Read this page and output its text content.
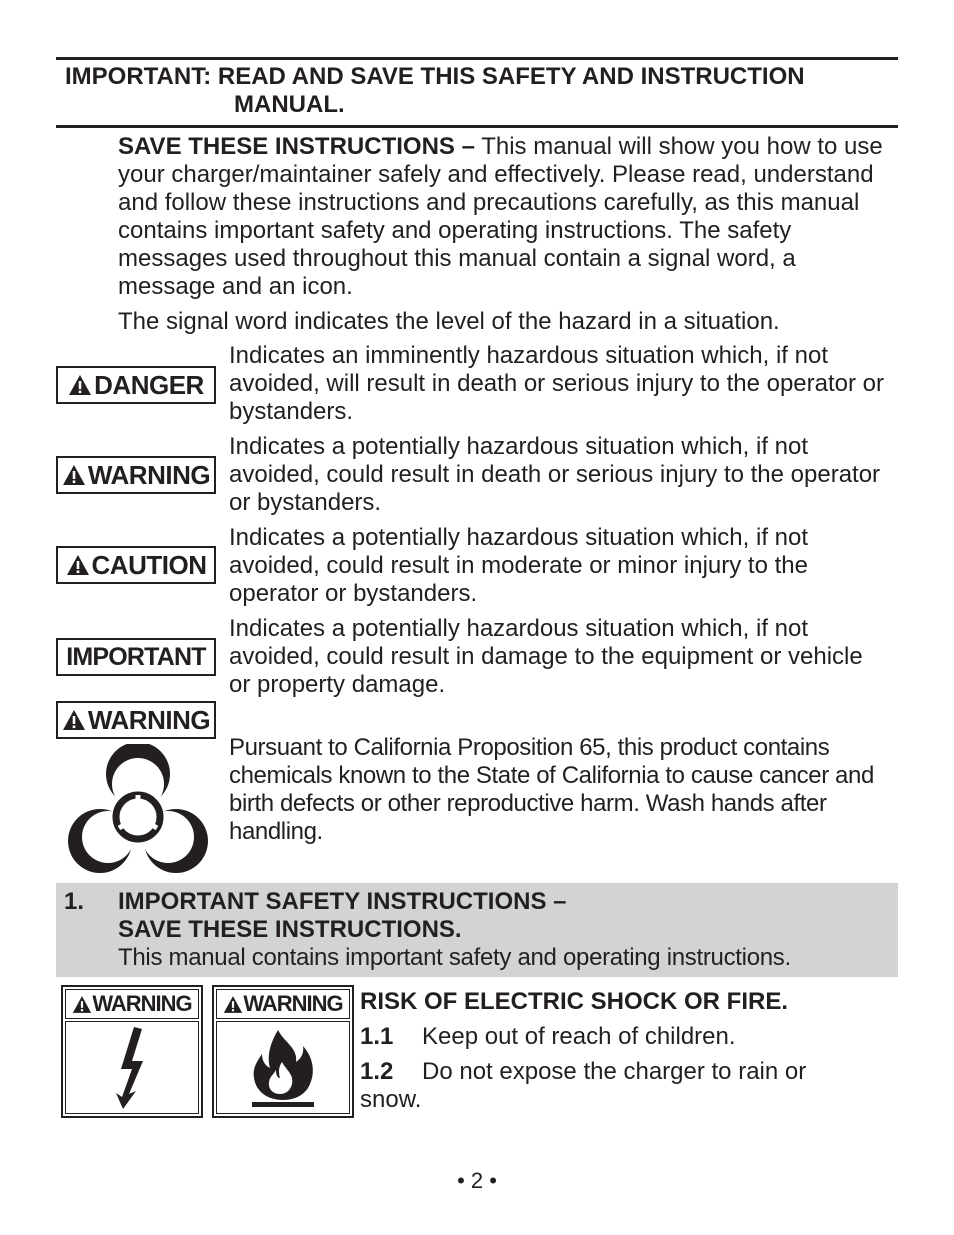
IMPORTANT: READ AND SAVE THIS SAFETY AND INSTRUCTION
MANUAL.
SAVE THESE INSTRUCTIONS – This manual will show you how to use your charger/maintainer safely and effectively. Please read, understand and follow these instructions and precautions carefully, as this manual contains important safety and operating instructions. The safety messages used throughout this manual contain a signal word, a message and an icon.
The signal word indicates the level of the hazard in a situation.
DANGER
Indicates an imminently hazardous situation which, if not avoided, will result in death or serious injury to the operator or bystanders.
WARNING
Indicates a potentially hazardous situation which, if not avoided, could result in death or serious injury to the operator or bystanders.
CAUTION
Indicates a potentially hazardous situation which, if not avoided, could result in moderate or minor injury to the operator or bystanders.
IMPORTANT
Indicates a potentially hazardous situation which, if not avoided, could result in damage to the equipment or vehicle or property damage.
WARNING
Pursuant to California Proposition 65, this product contains chemicals known to the State of California to cause cancer and birth defects or other reproductive harm. Wash hands after handling.
1. IMPORTANT SAFETY INSTRUCTIONS –
SAVE THESE INSTRUCTIONS.
This manual contains important safety and operating instructions.
WARNING WARNING RISK OF ELECTRIC SHOCK OR FIRE.
1.1 Keep out of reach of children.
1.2 Do not expose the charger to rain or snow.
• 2 •
